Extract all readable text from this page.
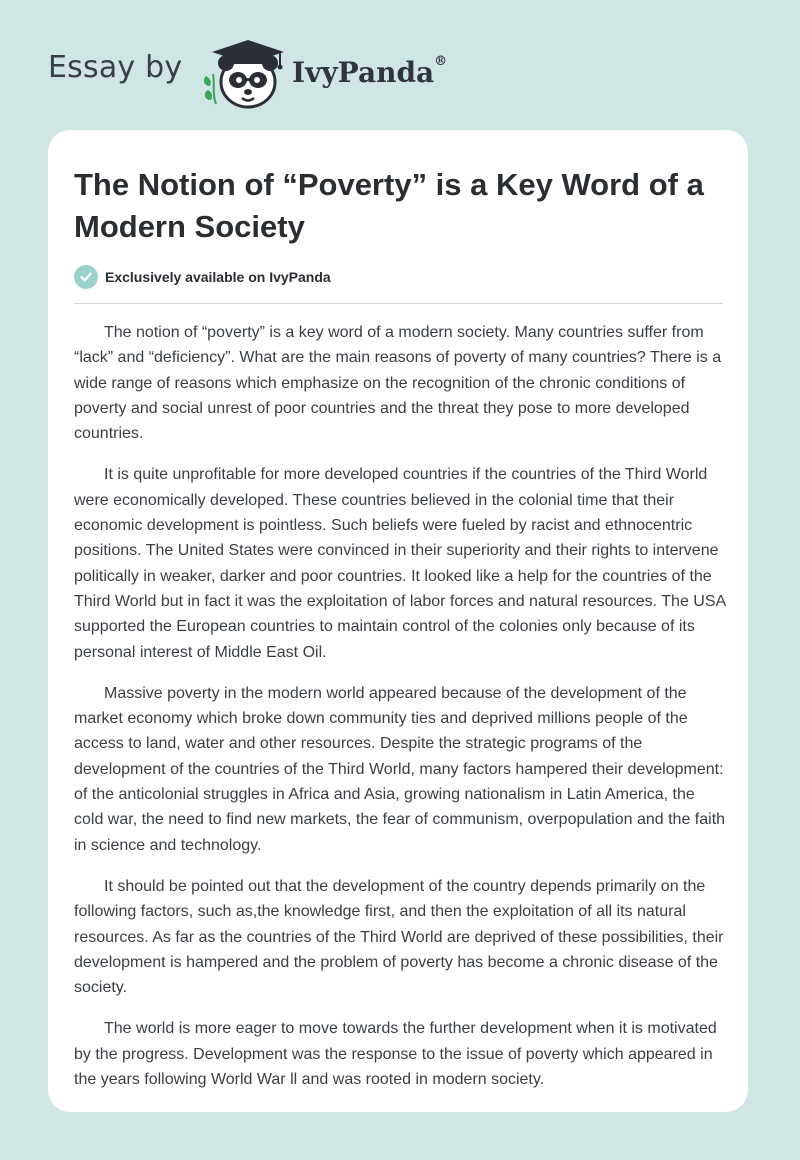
Essay by	IvyPanda®
The Notion of “Poverty” is a Key Word of a Modern Society
Exclusively available on IvyPanda

The notion of “poverty” is a key word of a modern society. Many countries suffer from “lack” and “deficiency”. What are the main reasons of poverty of many countries? There is a wide range of reasons which emphasize on the recognition of the chronic conditions of poverty and social unrest of poor countries and the threat they pose to more developed countries.

It is quite unprofitable for more developed countries if the countries of the Third World were economically developed. These countries believed in the colonial time that their economic development is pointless. Such beliefs were fueled by racist and ethnocentric positions. The United States were convinced in their superiority and their rights to intervene politically in weaker, darker and poor countries. It looked like a help for the countries of the Third World but in fact it was the exploitation of labor forces and natural resources. The USA supported the European countries to maintain control of the colonies only because of its personal interest of Middle East Oil.

Massive poverty in the modern world appeared because of the development of the market economy which broke down community ties and deprived millions people of the access to land, water and other resources. Despite the strategic programs of the development of the countries of the Third World, many factors hampered their development: of the anticolonial struggles in Africa and Asia, growing nationalism in Latin America, the cold war, the need to find new markets, the fear of communism, overpopulation and the faith in science and technology.

It should be pointed out that the development of the country depends primarily on the following factors, such as,the knowledge first, and then the exploitation of all its natural resources. As far as the countries of the Third World are deprived of these possibilities, their development is hampered and the problem of poverty has become a chronic disease of the society.

The world is more eager to move towards the further development when it is motivated by the progress. Development was the response to the issue of poverty which appeared in the years following World War ll and was rooted in modern society.
